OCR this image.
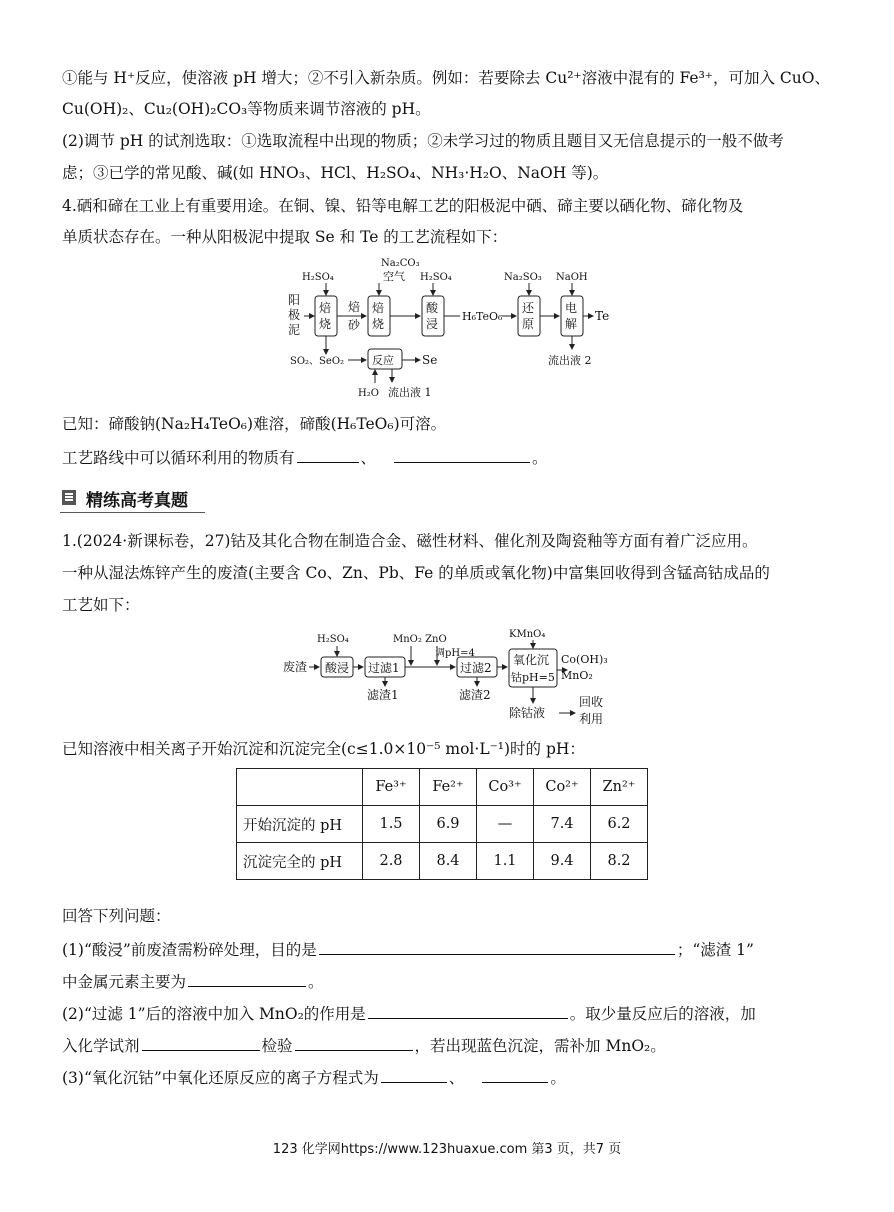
①能与 H⁺反应，使溶液 pH 增大；②不引入新杂质。例如：若要除去 Cu²⁺溶液中混有的 Fe³⁺，可加入 CuO、
Cu(OH)₂、Cu₂(OH)₂CO₃等物质来调节溶液的 pH。
(2)调节 pH 的试剂选取：①选取流程中出现的物质；②未学习过的物质且题目又无信息提示的一般不做考
虑；③已学的常见酸、碱(如 HNO₃、HCl、H₂SO₄、NH₃·H₂O、NaOH 等)。
4.硒和碲在工业上有重要用途。在铜、镍、铅等电解工艺的阳极泥中硒、碲主要以硒化物、碲化物及
单质状态存在。一种从阳极泥中提取 Se 和 Te 的工艺流程如下：
阳
极
泥
焙
烧
H₂SO₄
焙
砂
焙
烧
Na₂CO₃
空气
酸
浸
H₂SO₄
H₆TeO₆
还
原
Na₂SO₃
电
解
NaOH
Te
流出液 2
SO₂、SeO₂	反应 Se
H₂O 流出液 1
已知：碲酸钠(Na₂H₄TeO₆)难溶，碲酸(H₆TeO₆)可溶。
工艺路线中可以循环利用的物质有	、	。
精练高考真题
1.(2024·新课标卷，27)钴及其化合物在制造合金、磁性材料、催化剂及陶瓷釉等方面有着广泛应用。
一种从湿法炼锌产生的废渣(主要含 Co、Zn、Pb、Fe 的单质或氧化物)中富集回收得到含锰高钴成品的
工艺如下：
废渣 酸浸
H₂SO₄
过滤1
滤渣1
MnO₂ ZnO
调pH=4
过滤2
滤渣2
氧化沉
钴pH=5
KMnO₄
Co(OH)₃
MnO₂
除钴液
回收
利用
已知溶液中相关离子开始沉淀和沉淀完全(c≤1.0×10⁻⁵ mol·L⁻¹)时的 pH：
	Fe³⁺	Fe²⁺	Co³⁺	Co²⁺	Zn²⁺
开始沉淀的 pH	1.5	6.9	—	7.4	6.2
沉淀完全的 pH	2.8	8.4	1.1	9.4	8.2
回答下列问题：
(1)“酸浸”前废渣需粉碎处理，目的是	；“滤渣 1”
中金属元素主要为	。
(2)“过滤 1”后的溶液中加入 MnO₂的作用是	。取少量反应后的溶液，加
入化学试剂	检验	，若出现蓝色沉淀，需补加 MnO₂。
(3)“氧化沉钴”中氧化还原反应的离子方程式为	、	。
123 化学网https://www.123huaxue.com 第3 页，共7 页
